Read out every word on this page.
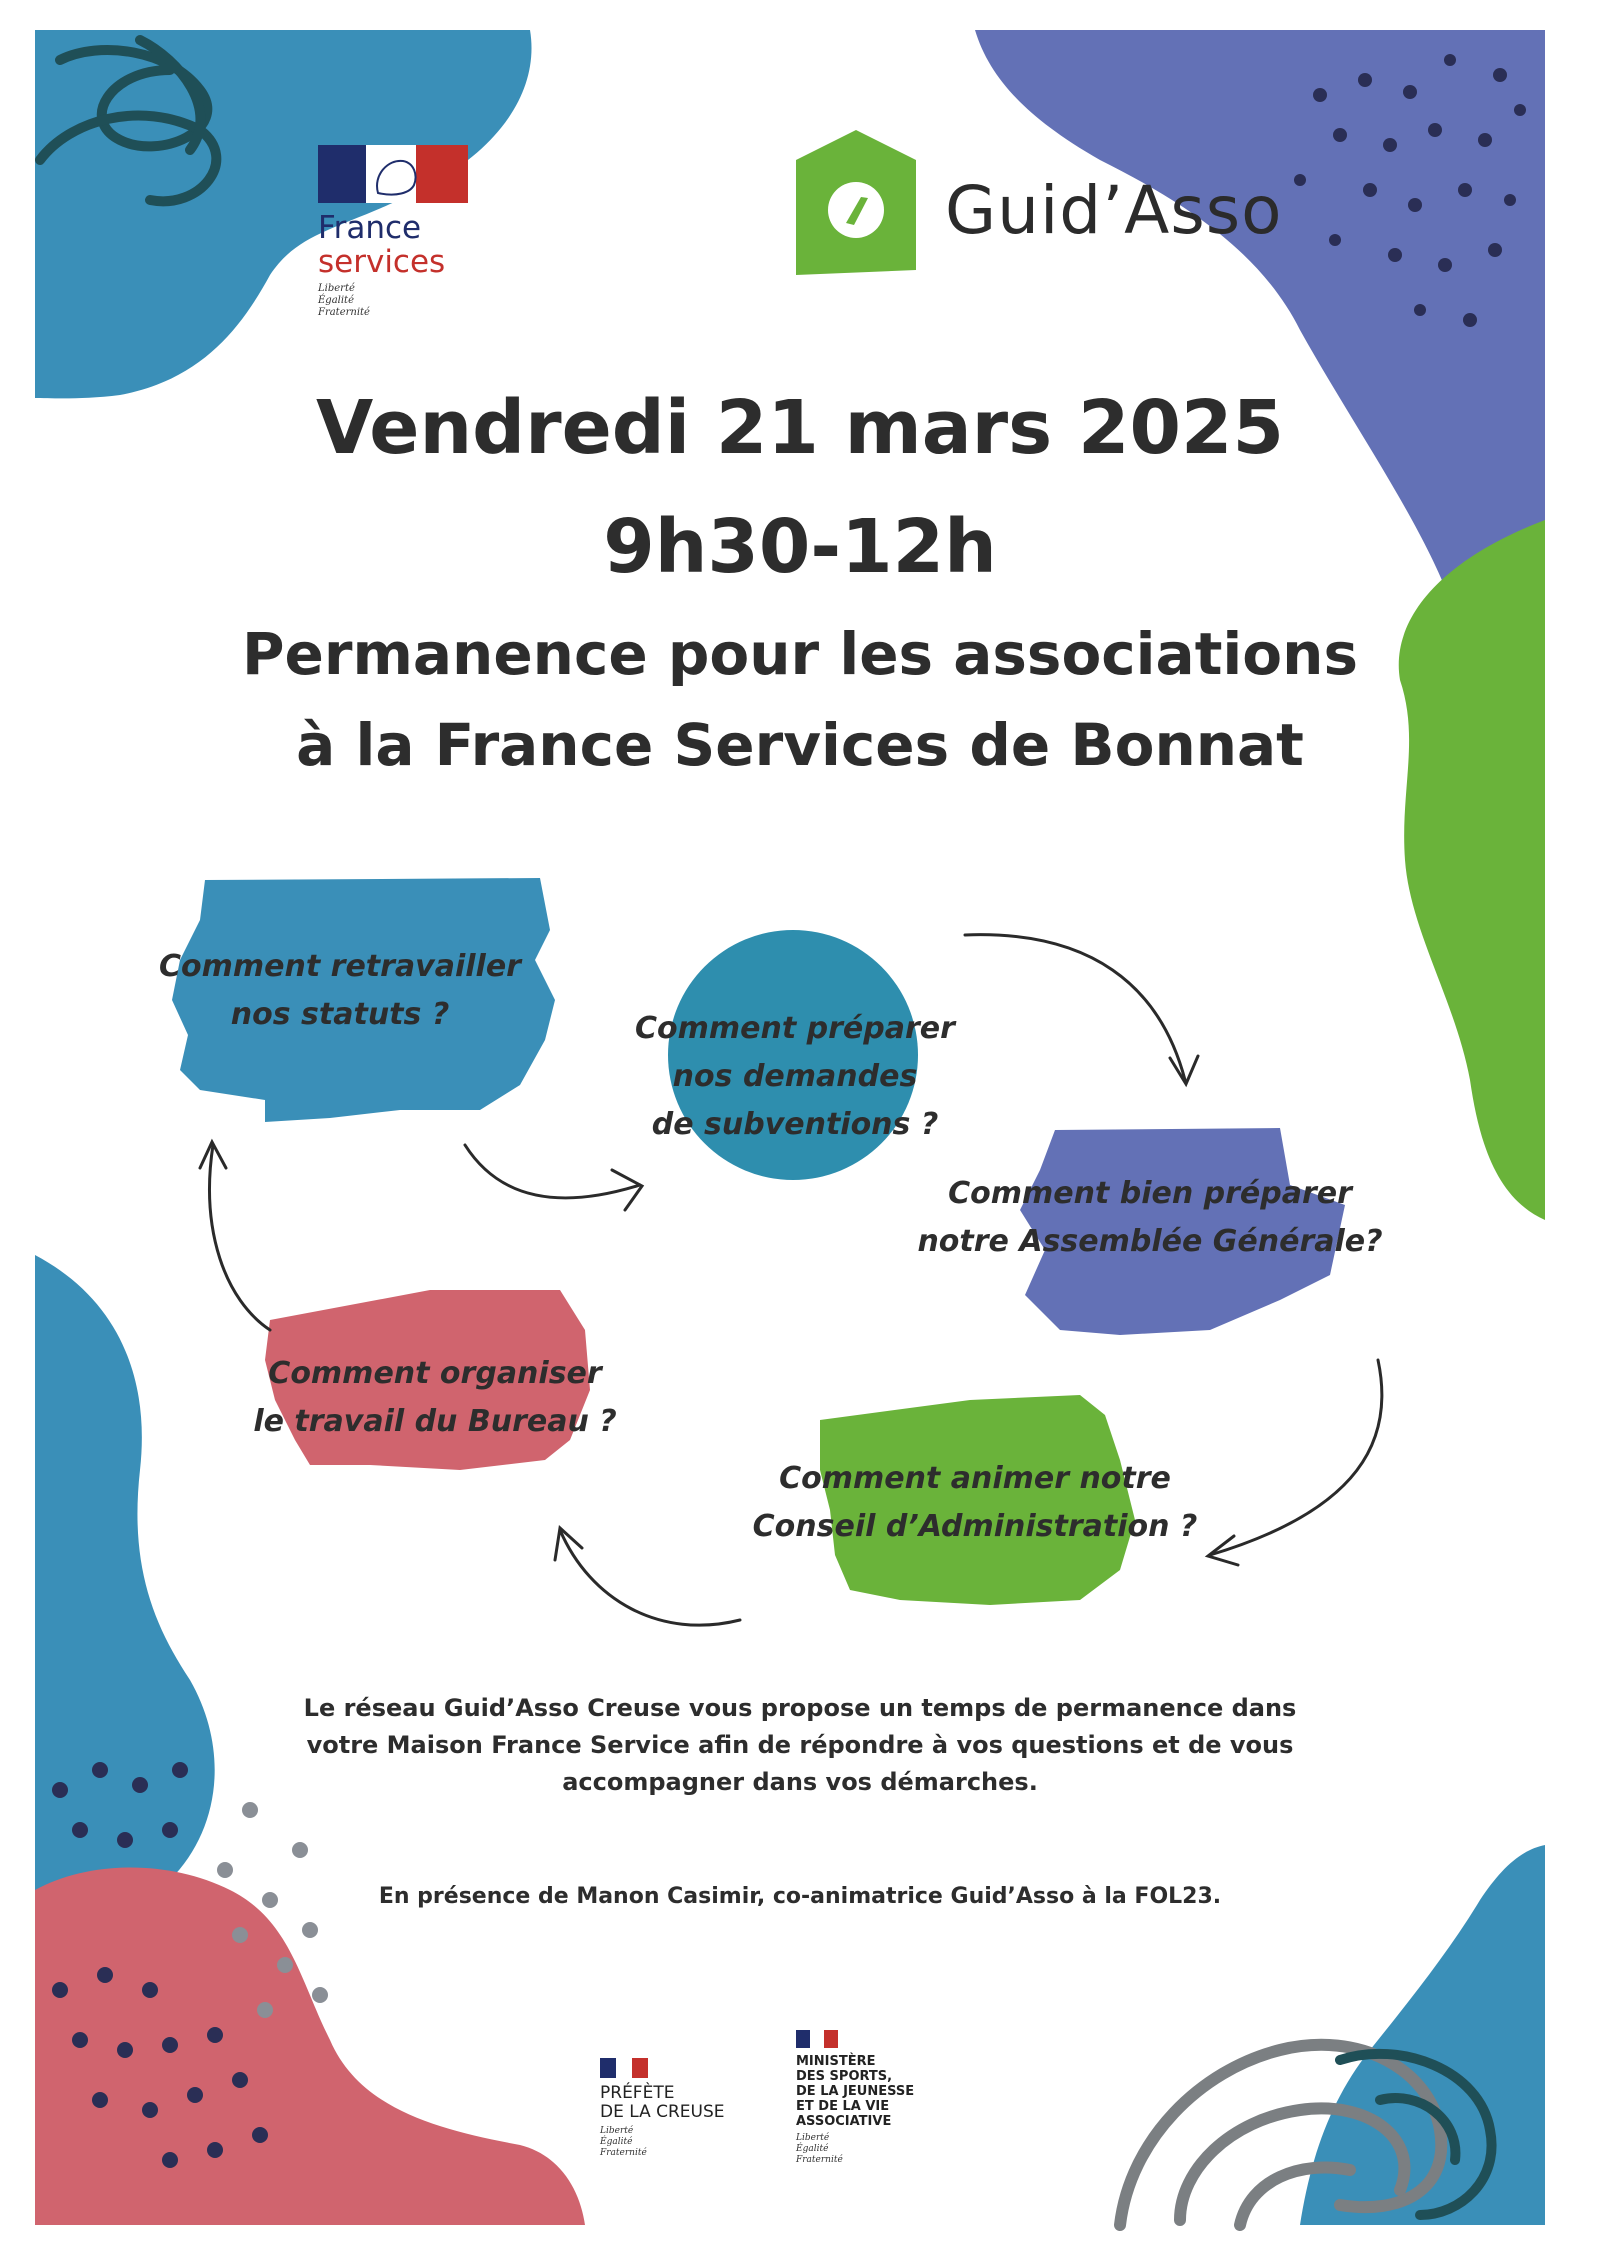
France
services
Liberté
Égalité
Fraternité
Guid’Asso
Vendredi 21 mars 2025
9h30-12h
Permanence pour les associations
à la France Services de Bonnat
Comment retravailler
nos statuts ?	Comment préparer
nos demandes
de subventions ?
Comment bien préparer
notre Assemblée Générale?
Comment organiser
le travail du Bureau ?
Comment animer notre
Conseil d’Administration ?
Le réseau Guid’Asso Creuse vous propose un temps de permanence dans
votre Maison France Service afin de répondre à vos questions et de vous
accompagner dans vos démarches.
En présence de Manon Casimir, co-animatrice Guid’Asso à la FOL23.
PRÉFÈTE
DE LA CREUSE
Liberté
Égalité
Fraternité
MINISTÈRE
DES SPORTS,
DE LA JEUNESSE
ET DE LA VIE
ASSOCIATIVE
Liberté
Égalité
Fraternité
